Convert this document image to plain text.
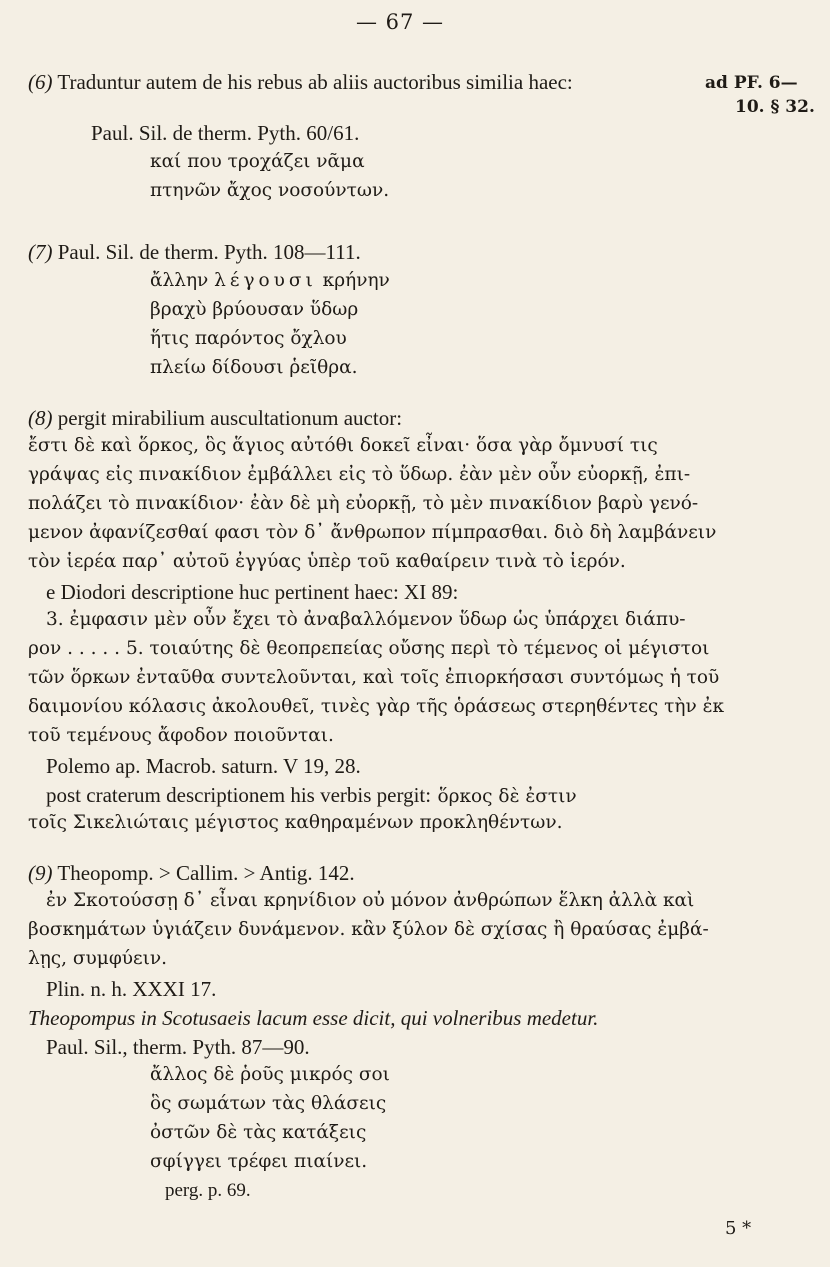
— 67 —
ad PF. 6—
10. § 32.
(6) Traduntur autem de his rebus ab aliis auctoribus similia haec:
Paul. Sil. de therm. Pyth. 60/61.
καί που τροχάζει νᾶμα
πτηνῶν ἄχος νοσούντων.
(7) Paul. Sil. de therm. Pyth. 108—111.
ἄλλην λέγουσι κρήνην
βραχὺ βρύουσαν ὕδωρ
ἥτις παρόντος ὄχλου
πλείω δίδουσι ῥεῖθρα.
(8) pergit mirabilium auscultationum auctor:
ἔστι δὲ καὶ ὅρκος, ὃς ἅγιος αὐτόθι δοκεῖ εἶναι· ὅσα γὰρ ὄμνυσί τις
γράψας εἰς πινακίδιον ἐμβάλλει εἰς τὸ ὕδωρ. ἐὰν μὲν οὖν εὐορκῇ, ἐπι-
πολάζει τὸ πινακίδιον· ἐὰν δὲ μὴ εὐορκῇ, τὸ μὲν πινακίδιον βαρὺ γενό-
μενον ἀφανίζεσθαί φασι τὸν δ᾽ ἄνθρωπον πίμπρασθαι. διὸ δὴ λαμβάνειν
τὸν ἱερέα παρ᾽ αὐτοῦ ἐγγύας ὑπὲρ τοῦ καθαίρειν τινὰ τὸ ἱερόν.
e Diodori descriptione huc pertinent haec: XI 89:
3. ἐμφασιν μὲν οὖν ἔχει τὸ ἀναβαλλόμενον ὕδωρ ὡς ὑπάρχει διάπυ-
ρον . . . . . 5. τοιαύτης δὲ θεοπρεπείας οὔσης περὶ τὸ τέμενος οἱ μέγιστοι
τῶν ὅρκων ἐνταῦθα συντελοῦνται, καὶ τοῖς ἐπιορκήσασι συντόμως ἡ τοῦ
δαιμονίου κόλασις ἀκολουθεῖ, τινὲς γὰρ τῆς ὁράσεως στερηθέντες τὴν ἐκ
τοῦ τεμένους ἄφοδον ποιοῦνται.
Polemo ap. Macrob. saturn. V 19, 28.
post craterum descriptionem his verbis pergit: ὅρκος δὲ ἐστιν
τοῖς Σικελιώταις μέγιστος καθηραμένων προκληθέντων.
(9) Theopomp. > Callim. > Antig. 142.
ἐν Σκοτούσσῃ δ᾽ εἶναι κρηνίδιον οὐ μόνον ἀνθρώπων ἕλκη ἀλλὰ καὶ
βοσκημάτων ὑγιάζειν δυνάμενον. κἂν ξύλον δὲ σχίσας ἢ θραύσας ἐμβά-
λῃς, συμφύειν.
Plin. n. h. XXXI 17.
Theopompus in Scotusaeis lacum esse dicit, qui volneribus medetur.
Paul. Sil., therm. Pyth. 87—90.
ἄλλος δὲ ῥοῦς μικρός σοι
ὃς σωμάτων τὰς θλάσεις
ὀστῶν δὲ τὰς κατάξεις
σφίγγει τρέφει πιαίνει.
perg. p. 69.
5 *
